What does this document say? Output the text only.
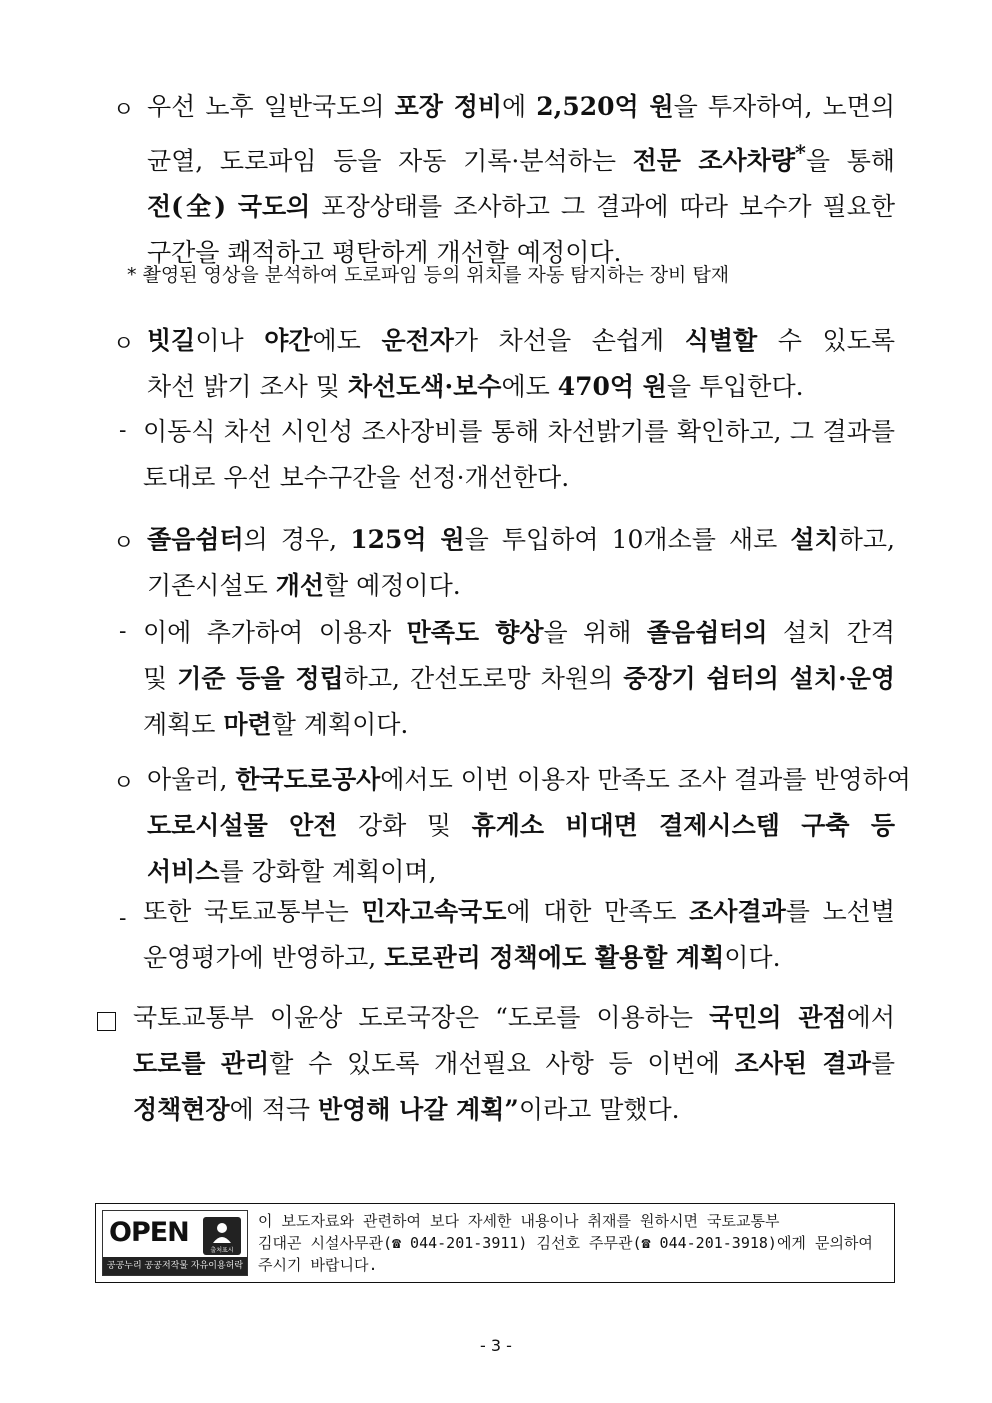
ㅇ 우선 노후 일반국도의 포장 정비에 2,520억 원을 투자하여, 노면의
균열, 도로파임 등을 자동 기록·분석하는 전문 조사차량*을 통해
전(全) 국도의 포장상태를 조사하고 그 결과에 따라 보수가 필요한
구간을 쾌적하고 평탄하게 개선할 예정이다.
* 촬영된 영상을 분석하여 도로파임 등의 위치를 자동 탐지하는 장비 탑재
ㅇ 빗길이나 야간에도 운전자가 차선을 손쉽게 식별할 수 있도록
차선 밝기 조사 및 차선도색·보수에도 470억 원을 투입한다.
- 이동식 차선 시인성 조사장비를 통해 차선밝기를 확인하고, 그 결과를
토대로 우선 보수구간을 선정·개선한다.
ㅇ 졸음쉼터의 경우, 125억 원을 투입하여 10개소를 새로 설치하고,
기존시설도 개선할 예정이다.
- 이에 추가하여 이용자 만족도 향상을 위해 졸음쉼터의 설치 간격
및 기준 등을 정립하고, 간선도로망 차원의 중장기 쉼터의 설치·운영
계획도 마련할 계획이다.
ㅇ 아울러, 한국도로공사에서도 이번 이용자 만족도 조사 결과를 반영하여
도로시설물 안전 강화 및 휴게소 비대면 결제시스템 구축 등
서비스를 강화할 계획이며,
- 또한 국토교통부는 민자고속국도에 대한 만족도 조사결과를 노선별
운영평가에 반영하고, 도로관리 정책에도 활용할 계획이다.
국토교통부 이윤상 도로국장은 “도로를 이용하는 국민의 관점에서
도로를 관리할 수 있도록 개선필요 사항 등 이번에 조사된 결과를
정책현장에 적극 반영해 나갈 계획”이라고 말했다.
OPEN
출처표시
공공누리 공공저작물 자유이용허락
이 보도자료와 관련하여 보다 자세한 내용이나 취재를 원하시면 국토교통부
김대곤 시설사무관(☎ 044-201-3911) 김선호 주무관(☎ 044-201-3918)에게 문의하여
주시기 바랍니다.
- 3 -
